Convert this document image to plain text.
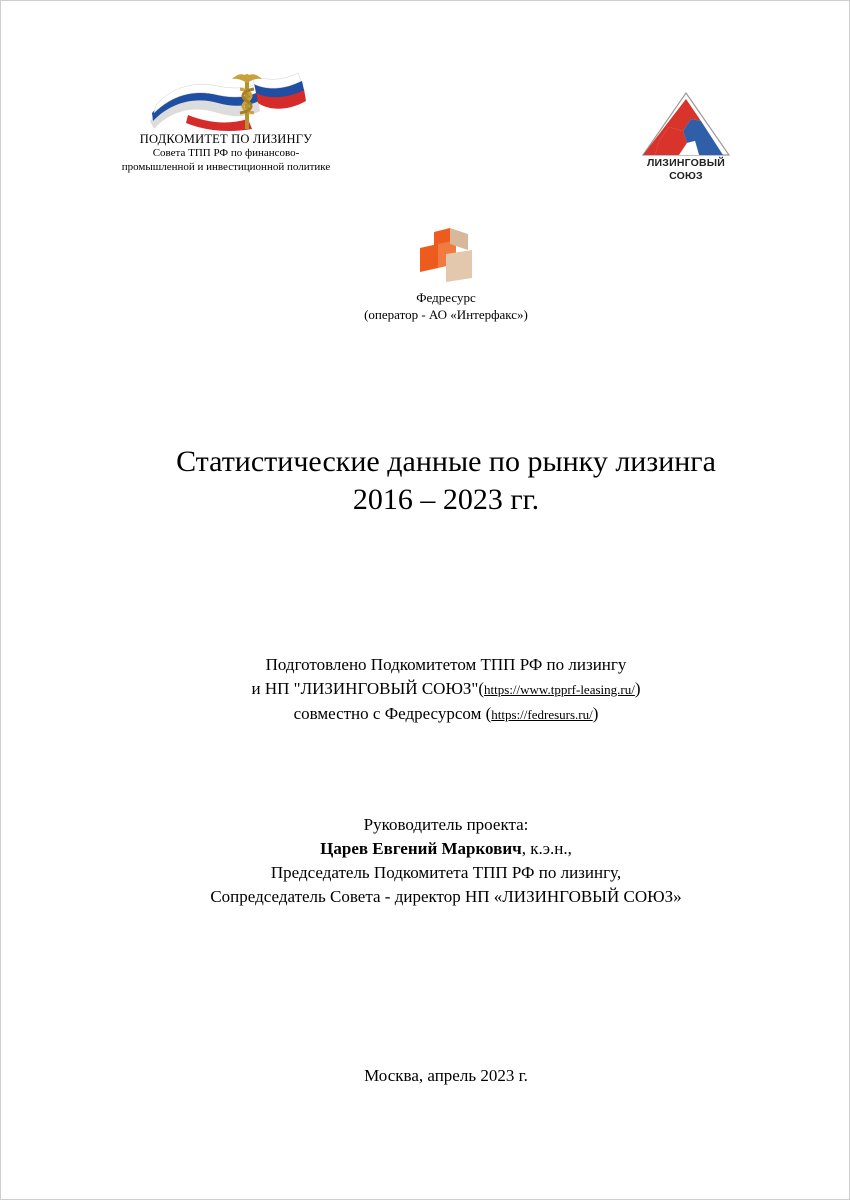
ПОДКОМИТЕТ ПО ЛИЗИНГУ
Совета ТПП РФ по финансово-
промышленной и инвестиционной политике	ЛИЗИНГОВЫЙ
СОЮЗ
Федресурс
(оператор - АО «Интерфакс»)
Статистические данные по рынку лизинга
2016 – 2023 гг.
Подготовлено Подкомитетом ТПП РФ по лизингу
и НП "ЛИЗИНГОВЫЙ СОЮЗ"(https://www.tpprf-leasing.ru/)
совместно с Федресурсом (https://fedresurs.ru/)
Руководитель проекта:
Царев Евгений Маркович, к.э.н.,
Председатель Подкомитета ТПП РФ по лизингу,
Сопредседатель Совета - директор НП «ЛИЗИНГОВЫЙ СОЮЗ»
Москва, апрель 2023 г.
